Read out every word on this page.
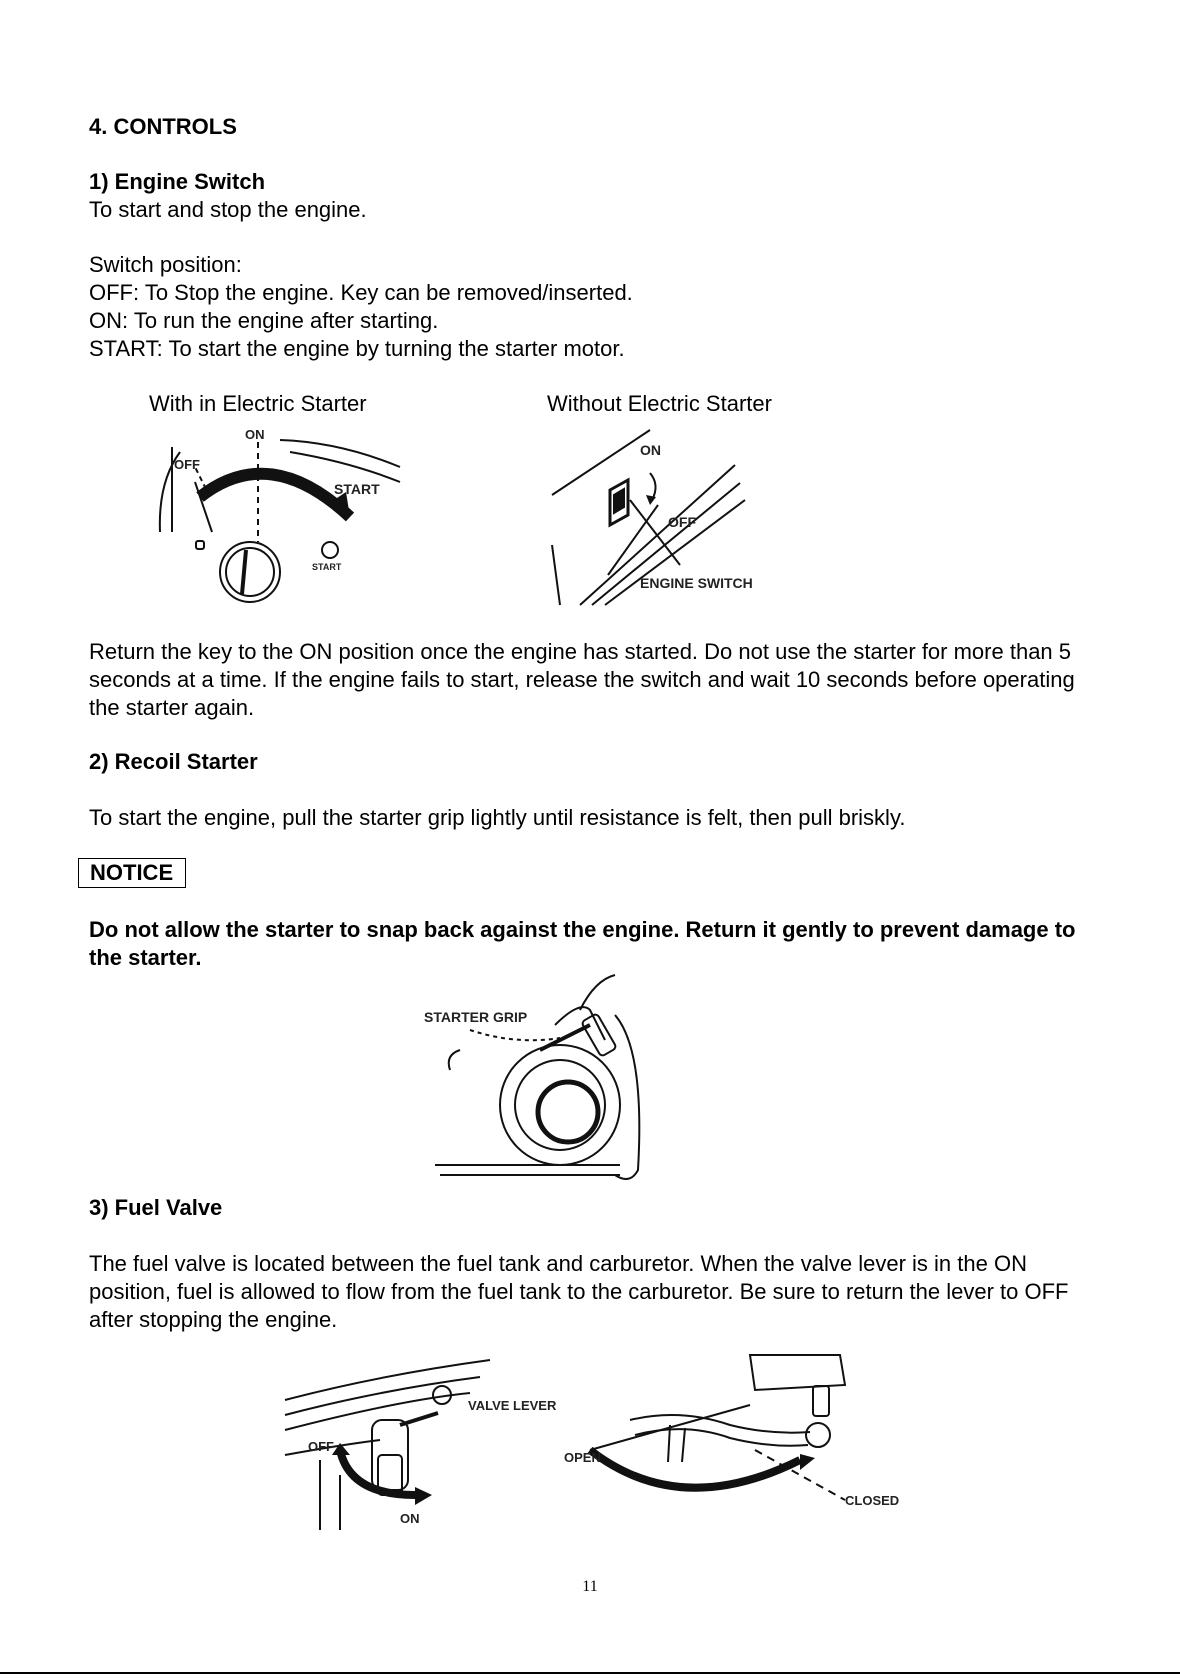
4. CONTROLS
1) Engine Switch
To start and stop the engine.
Switch position:
OFF: To Stop the engine. Key can be removed/inserted.
ON: To run the engine after starting.
START: To start the engine by turning the starter motor.
With in Electric Starter	Without Electric Starter
OFF
ON
START
START
ON
OFF
ENGINE SWITCH
Return the key to the ON position once the engine has started. Do not use the starter for more than 5 seconds at a time. If the engine fails to start, release the switch and wait 10 seconds before operating the starter again.
2) Recoil Starter
To start the engine, pull the starter grip lightly until resistance is felt, then pull briskly.
NOTICE
Do not allow the starter to snap back against the engine. Return it gently to prevent damage to the starter.
STARTER GRIP
3) Fuel Valve
The fuel valve is located between the fuel tank and carburetor. When the valve lever is in the ON position, fuel is allowed to flow from the fuel tank to the carburetor. Be sure to return the lever to OFF after stopping the engine.
VALVE LEVER
OFF
ON
OPEN
CLOSED
11
